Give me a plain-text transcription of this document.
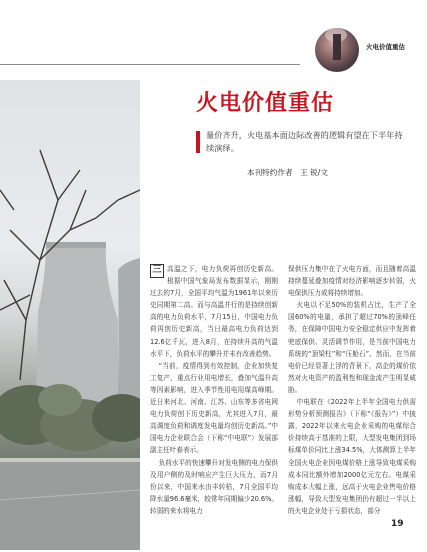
火电价值重估
火电价值重估
量价齐升，火电基本面边际改善的逻辑有望在下半年持续演绎。
本刊特约作者　王 锐/文

三 高温之下，电力负荷再创历史新高。根据中国气象局发布数据显示，刚刚过去的7月，全国平均气温为1961年以来历史同期第二高。而与高温并行的是持续创新高的电力负荷水平，7月15日，中国电力负荷再创历史新高，当日最高电力负荷达到12.6亿千瓦，进入8月，在持续升高的气温水平下，负荷水平的攀升并未有改善趋势。

“当前，疫情得到有效控制，企业加快复工复产，重点行业用电增长，叠加气温升高等因素影响，进入季节性用电用煤高峰期。近日来河北、河南、江苏、山东等多省电网电力负荷创下历史新高，尤其进入7月，最高调度负荷和调度发电量均创历史新高。”中国电力企业联合会（下称“中电联”）发展部副主任叶春表示。

负荷水平的快速攀升对发电侧的电力保供及用户侧的及时响应产生巨大压力，而7月份以来，中国来水由丰转枯，7月全国平均降水量96.6毫米，较常年同期偏少20.6%。转弱的来水将电力

保供压力集中在了火电方面，而且随着高温持续蔓延叠加疫情对经济影响逐步转弱，火电保供压力或将持续增加。

火电以不足50%的装机占比，生产了全国60%的电量，承担了超过70%的顶峰任务，在保障中国电力安全稳定供应中发挥着兜底保供、灵活调节作用，是当前中国电力系统的“顶梁柱”和“压舱石”。然而，在当前电价已经显著上浮的背景下，高企的煤价依然对火电资产的盈利性和现金流产生明显威胁。

中电联在《2022年上半年全国电力供需形势分析预测报告》（下称“《报告》”）中披露，2022年以来火电企业采购的电煤综合价持续高于基准的上限，大型发电集团到场标煤单价同比上涨34.5%，大体测算上半年全国火电企业因电煤价格上涨导致电煤采购成本同比额外增加2000亿元左右。电煤采购成本大幅上涨，远高于火电企业售电价格涨幅，导致大型发电集团仍有超过一半以上的火电企业处于亏损状态，部分

19
